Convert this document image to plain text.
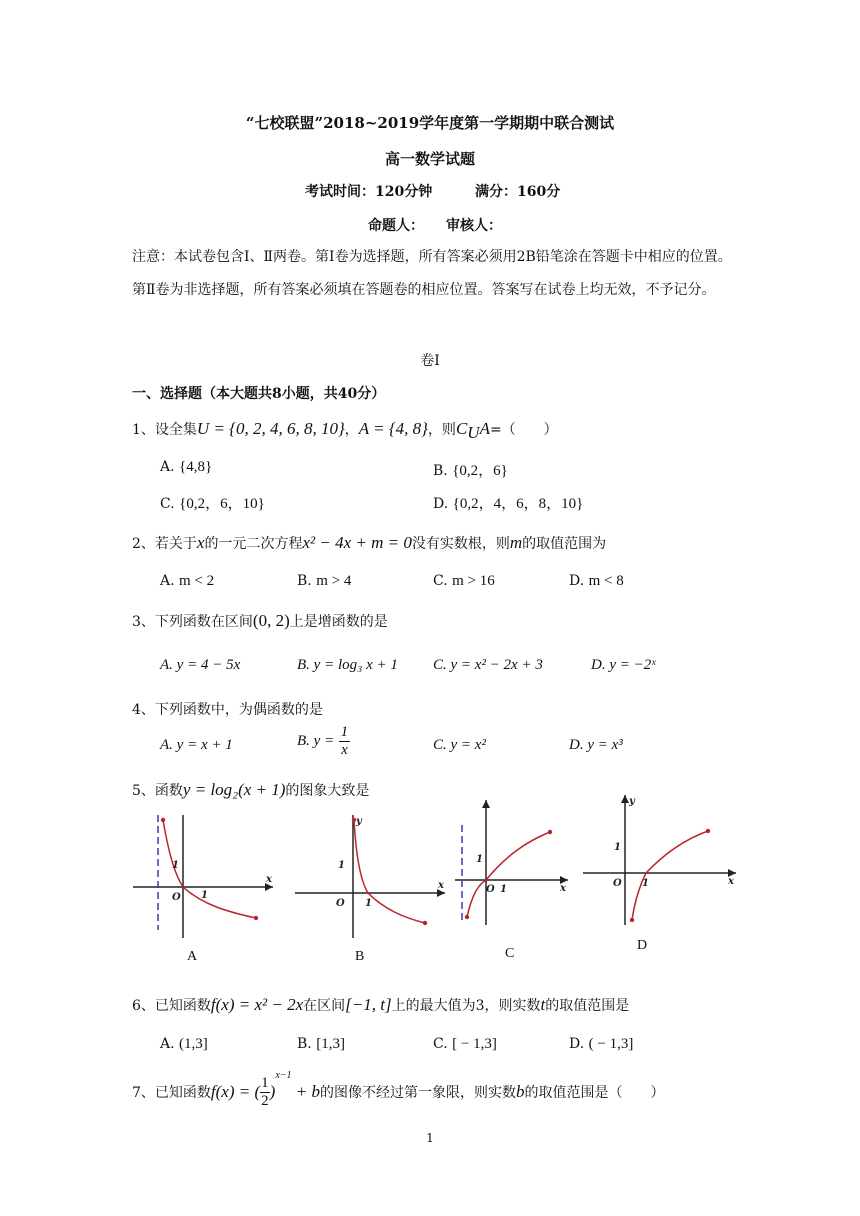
“七校联盟”2018~2019学年度第一学期期中联合测试
高一数学试题
考试时间：120分钟	满分：160分
命题人： 审核人：
注意：本试卷包含Ⅰ、Ⅱ两卷。第Ⅰ卷为选择题，所有答案必须用2B铅笔涂在答题卡中相应的位置。第Ⅱ卷为非选择题，所有答案必须填在答题卷的相应位置。答案写在试卷上均无效，不予记分。
卷Ⅰ
一、选择题（本大题共8小题，共40分）
1、设全集U = {0, 2, 4, 6, 8, 10}，A = {4, 8}，则$C_UA=$（　　）
A. {4,8}	B. {0,2，6}
C. {0,2，6，10}	D. {0,2，4，6，8，10}
2、若关于x的一元二次方程x² − 4x + m = 0没有实数根，则m的取值范围为
A. m < 2	B. m > 4	C. m > 16	D. m < 8
3、下列函数在区间(0, 2)上是增函数的是
A. y = 4 − 5x	B. y = log₃ x + 1 C. y = x² − 2x + 3	D. y = −2ˣ
4、下列函数中，为偶函数的是
A. y = x + 1	B. $y = \frac{1}{x}$	C. y = x²	D. y = x³
5、函数y = log₂(x + 1)的图象大致是
1
O 1
x
A
y
1
O 1
x
B
1
O 1	x
C
y
1
O 1	x
D
6、已知函数f(x) = x² − 2x在区间[−1, t]上的最大值为3，则实数t的取值范围是
A. (1,3]	B. [1,3]	C. [ − 1,3]	D. ( − 1,3]
7、已知函数f(x) = ( $\frac{1}{2} )^{x-1} + b$的图像不经过第一象限，则实数b的取值范围是（　　）
1
